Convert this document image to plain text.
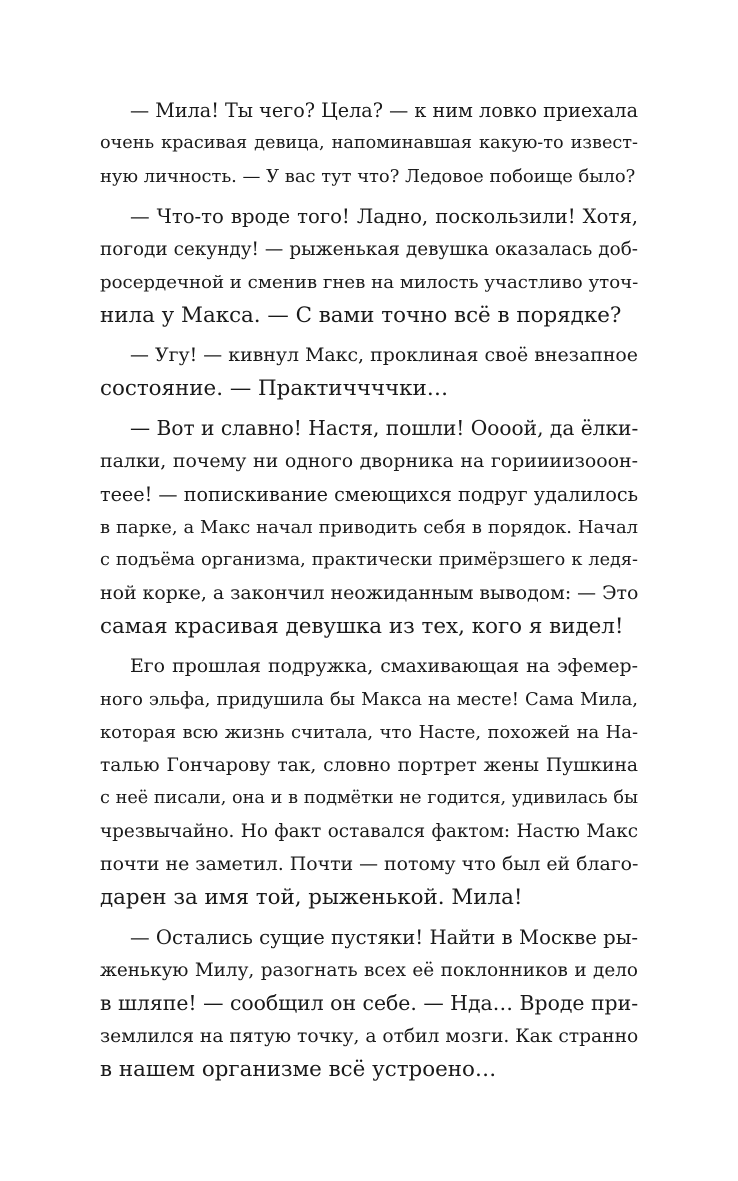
— Мила! Ты чего? Цела? — к ним ловко приехала
очень красивая девица, напоминавшая какую-то извест-
ную личность. — У вас тут что? Ледовое побоище было?
— Что-то вроде того! Ладно, поскользили! Хотя,
погоди секунду! — рыженькая девушка оказалась доб-
росердечной и сменив гнев на милость участливо уточ-
нила у Макса. — С вами точно всё в порядке?
— Угу! — кивнул Макс, проклиная своё внезапное
состояние. — Практиччччки…
— Вот и славно! Настя, пошли! Оооой, да ёлки-
палки, почему ни одного дворника на гориииизооон-
теее! — попискивание смеющихся подруг удалилось
в парке, а Макс начал приводить себя в порядок. Начал
с подъёма организма, практически примёрзшего к ледя-
ной корке, а закончил неожиданным выводом: — Это
самая красивая девушка из тех, кого я видел!
Его прошлая подружка, смахивающая на эфемер-
ного эльфа, придушила бы Макса на месте! Сама Мила,
которая всю жизнь считала, что Насте, похожей на На-
талью Гончарову так, словно портрет жены Пушкина
с неё писали, она и в подмётки не годится, удивилась бы
чрезвычайно. Но факт оставался фактом: Настю Макс
почти не заметил. Почти — потому что был ей благо-
дарен за имя той, рыженькой. Мила!
— Остались сущие пустяки! Найти в Москве ры-
женькую Милу, разогнать всех её поклонников и дело
в шляпе! — сообщил он себе. — Нда… Вроде при-
землился на пятую точку, а отбил мозги. Как странно
в нашем организме всё устроено…
